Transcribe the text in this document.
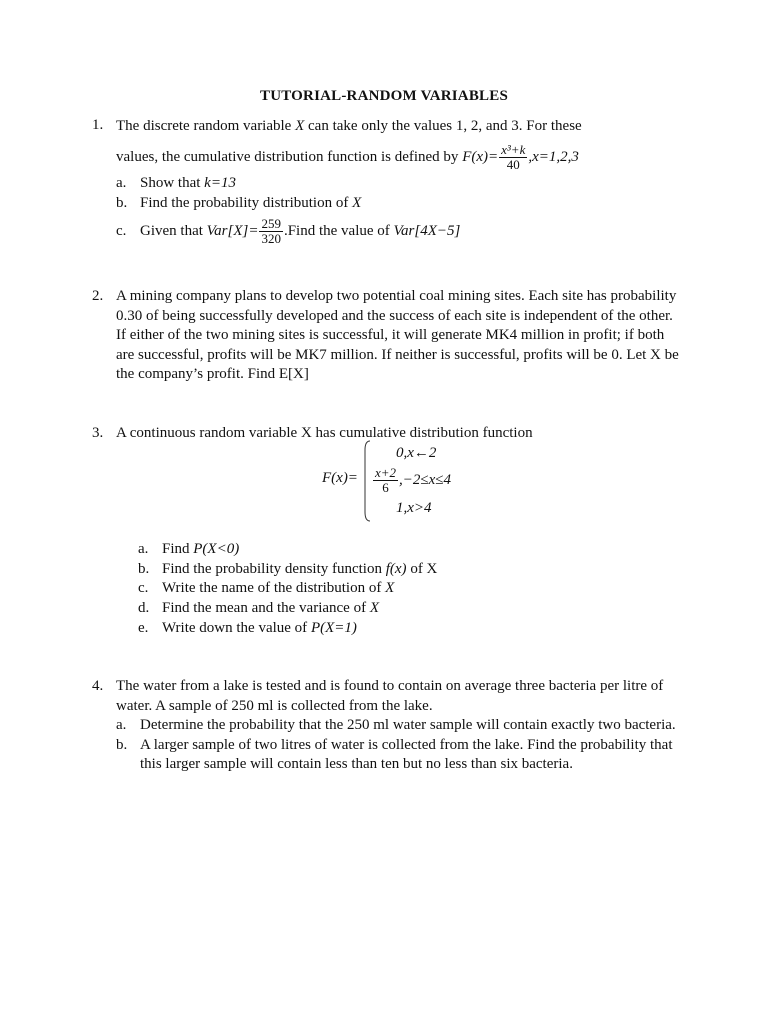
TUTORIAL-RANDOM VARIABLES
1. The discrete random variable X can take only the values 1, 2, and 3. For these
values, the cumulative distribution function is defined by $F(x)= \frac{\text{x³+k}}{40} ,x=1,2,3$
a. Show that k=13
b. Find the probability distribution of X
c. Given that $Var[X]= \frac{259}{320}$ .Find the value of Var[4X−5]
2. A mining company plans to develop two potential coal mining sites. Each site has probability 0.30 of being successfully developed and the success of each site is independent of the other. If either of the two mining sites is successful, it will generate MK4 million in profit; if both are successful, profits will be MK7 million. If neither is successful, profits will be 0. Let X be the company’s profit. Find E[X]
3. A continuous random variable X has cumulative distribution function
F(x)=
0,x←2
$\frac{x+2}{6} ,-2\le x\le 4$
1,x>4
a. Find P(X<0)
b. Find the probability density function f(x) of X
c. Write the name of the distribution of X
d. Find the mean and the variance of X
e. Write down the value of P(X=1)
4. The water from a lake is tested and is found to contain on average three bacteria per litre of water. A sample of 250 ml is collected from the lake.
a. Determine the probability that the 250 ml water sample will contain exactly two bacteria.
b. A larger sample of two litres of water is collected from the lake. Find the probability that this larger sample will contain less than ten but no less than six bacteria.
